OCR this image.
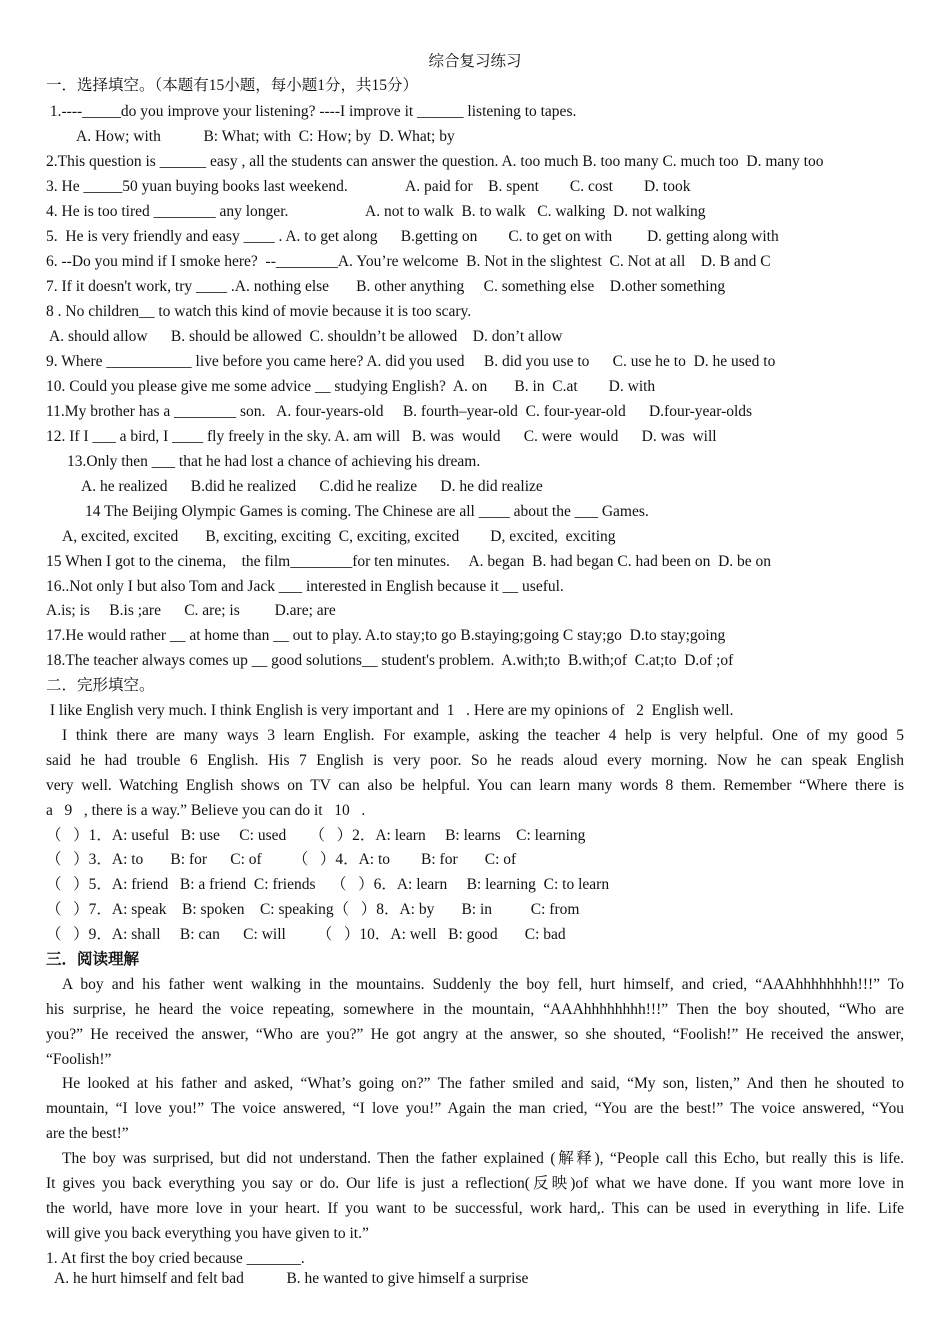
综合复习练习
一．选择填空。（本题有15小题，每小题1分，共15分）
1.----_____do you improve your listening? ----I improve it ______ listening to tapes.
A. How; with           B: What; with  C: How; by  D. What; by
2.This question is ______ easy , all the students can answer the question. A. too much B. too many C. much too  D. many too
3. He _____50 yuan buying books last weekend.               A. paid for    B. spent        C. cost        D. took
4. He is too tired ________ any longer.                    A. not to walk  B. to walk   C. walking  D. not walking
5.  He is very friendly and easy ____ . A. to get along      B.getting on        C. to get on with         D. getting along with
6. --Do you mind if I smoke here?  --________A. You’re welcome  B. Not in the slightest  C. Not at all    D. B and C
7. If it doesn't work, try ____ .A. nothing else       B. other anything     C. something else    D.other something
8 . No children__ to watch this kind of movie because it is too scary.
A. should allow      B. should be allowed  C. shouldn’t be allowed    D. don’t allow
9. Where ___________ live before you came here? A. did you used     B. did you use to      C. use he to  D. he used to
10. Could you please give me some advice __ studying English?  A. on       B. in  C.at        D. with
11.My brother has a ________ son.   A. four-years-old     B. fourth–year-old  C. four-year-old      D.four-year-olds
12. If I ___ a bird, I ____ fly freely in the sky. A. am will   B. was  would      C. were  would      D. was  will
13.Only then ___ that he had lost a chance of achieving his dream.
A. he realized      B.did he realized      C.did he realize      D. he did realize
14 The Beijing Olympic Games is coming. The Chinese are all ____ about the ___ Games.
A, excited, excited       B, exciting, exciting  C, exciting, excited        D, excited,  exciting
15 When I got to the cinema,    the film________for ten minutes.     A. began  B. had began C. had been on  D. be on
16..Not only I but also Tom and Jack ___ interested in English because it __ useful.
A.is; is     B.is ;are      C. are; is         D.are; are
17.He would rather __ at home than __ out to play. A.to stay;to go B.staying;going C stay;go  D.to stay;going
18.The teacher always comes up __ good solutions__ student's problem.  A.with;to  B.with;of  C.at;to  D.of ;of
二．完形填空。
I like English very much. I think English is very important and  1   . Here are my opinions of   2  English well.
I think there are many ways 3 learn English. For example, asking the teacher 4 help is very helpful. One of my good 5
said he had trouble 6 English. His 7 English is very poor. So he reads aloud every morning. Now he can speak English
very well. Watching English shows on TV can also be helpful. You can learn many words 8 them. Remember “Where there is
a   9   , there is a way.” Believe you can do it   10   .
（   ）1．A: useful   B: use     C: used      （   ）2．A: learn     B: learns    C: learning
（   ）3．A: to       B: for      C: of        （   ）4．A: to        B: for       C: of
（   ）5．A: friend   B: a friend  C: friends    （   ）6．A: learn     B: learning  C: to learn
（   ）7．A: speak    B: spoken    C: speaking（   ）8．A: by       B: in          C: from
（   ）9．A: shall     B: can      C: will        （   ）10．A: well   B: good       C: bad
三．阅读理解
A boy and his father went walking in the mountains. Suddenly the boy fell, hurt himself, and cried, “AAAhhhhhhhh!!!” To
his surprise, he heard the voice repeating, somewhere in the mountain, “AAAhhhhhhhh!!!” Then the boy shouted, “Who are
you?” He received the answer, “Who are you?” He got angry at the answer, so she shouted, “Foolish!” He received the answer,
“Foolish!”
He looked at his father and asked, “What’s going on?” The father smiled and said, “My son, listen,” And then he shouted to
mountain, “I love you!” The voice answered, “I love you!” Again the man cried, “You are the best!” The voice answered, “You
are the best!”
The boy was surprised, but did not understand. Then the father explained (解释), “People call this Echo, but really this is life.
It gives you back everything you say or do. Our life is just a reflection(反映)of what we have done. If you want more love in
the world, have more love in your heart. If you want to be successful, work hard,. This can be used in everything in life. Life
will give you back everything you have given to it.”
1. At first the boy cried because _______.
A. he hurt himself and felt bad           B. he wanted to give himself a surprise
